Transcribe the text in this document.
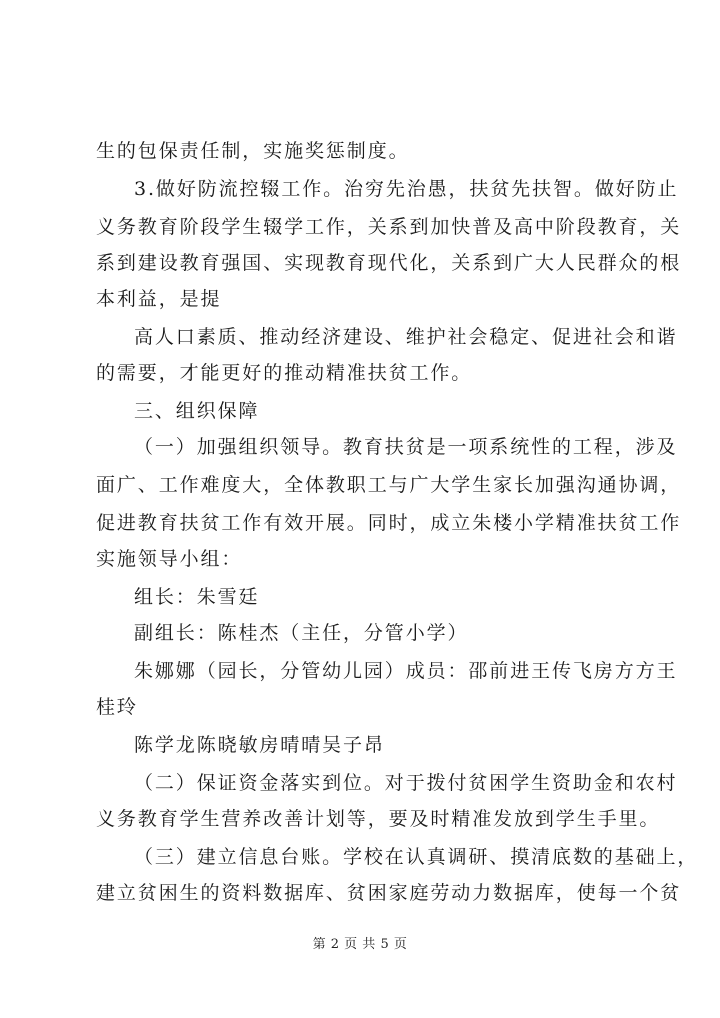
生的包保责任制，实施奖惩制度。
3.做好防流控辍工作。治穷先治愚，扶贫先扶智。做好防止
义务教育阶段学生辍学工作，关系到加快普及高中阶段教育，关
系到建设教育强国、实现教育现代化，关系到广大人民群众的根
本利益，是提
高人口素质、推动经济建设、维护社会稳定、促进社会和谐
的需要，才能更好的推动精准扶贫工作。
三、组织保障
（一）加强组织领导。教育扶贫是一项系统性的工程，涉及
面广、工作难度大，全体教职工与广大学生家长加强沟通协调，
促进教育扶贫工作有效开展。同时，成立朱楼小学精准扶贫工作
实施领导小组：
组长：朱雪廷
副组长：陈桂杰（主任，分管小学）
朱娜娜（园长，分管幼儿园）成员：邵前进王传飞房方方王
桂玲
陈学龙陈晓敏房晴晴吴子昂
（二）保证资金落实到位。对于拨付贫困学生资助金和农村
义务教育学生营养改善计划等，要及时精准发放到学生手里。
（三）建立信息台账。学校在认真调研、摸清底数的基础上，
建立贫困生的资料数据库、贫困家庭劳动力数据库，使每一个贫
第 2 页 共 5 页
